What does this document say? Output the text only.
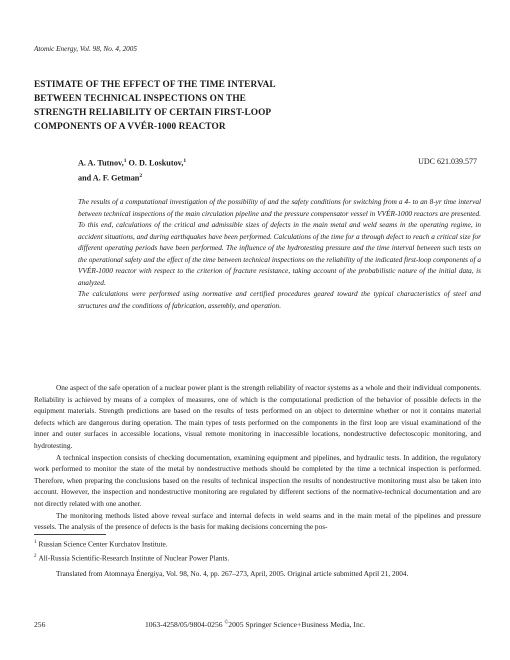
Atomic Energy, Vol. 98, No. 4, 2005
ESTIMATE OF THE EFFECT OF THE TIME INTERVAL
BETWEEN TECHNICAL INSPECTIONS ON THE
STRENGTH RELIABILITY OF CERTAIN FIRST-LOOP
COMPONENTS OF A VVÉR-1000 REACTOR
A. A. Tutnov,$^1$ O. D. Loskutov,$^1$
and A. F. Getman$^2$
UDC 621.039.577

The results of a computational investigation of the possibility of and the safety conditions for switching from a 4- to an 8-yr time interval between technical inspections of the main circulation pipeline and the pressure compensator vessel in VVÉR-1000 reactors are presented. To this end, calculations of the critical and admissible sizes of defects in the main metal and weld seams in the operating regime, in accident situations, and during earthquakes have been performed. Calculations of the time for a through defect to reach a critical size for different operating periods have been performed. The influence of the hydrotesting pressure and the time interval between such tests on the operational safety and the effect of the time between technical inspections on the reliability of the indicated first-loop components of a VVÉR-1000 reactor with respect to the criterion of fracture resistance, taking account of the probabilistic nature of the initial data, is analyzed.

The calculations were performed using normative and certified procedures geared toward the typical characteristics of steel and structures and the conditions of fabrication, assembly, and operation.

One aspect of the safe operation of a nuclear power plant is the strength reliability of reactor systems as a whole and their individual components. Reliability is achieved by means of a complex of measures, one of which is the computational prediction of the behavior of possible defects in the equipment materials. Strength predictions are based on the results of tests performed on an object to determine whether or not it contains material defects which are dangerous during operation. The main types of tests performed on the components in the first loop are visual examinationd of the inner and outer surfaces in accessible locations, visual remote monitoring in inaccessible locations, nondestructive defectoscopic monitoring, and hydrotesting.

A technical inspection consists of checking documentation, examining equipment and pipelines, and hydraulic tests. In addition, the regulatory work performed to monitor the state of the metal by nondestructive methods should be completed by the time a technical inspection is performed. Therefore, when preparing the conclusions based on the results of technical inspection the results of nondestructive monitoring must also be taken into account. However, the inspection and nondestructive monitoring are regulated by different sections of the normative-technical documentation and are not directly related with one another.

The monitoring methods listed above reveal surface and internal defects in weld seams and in the main metal of the pipelines and pressure vessels. The analysis of the presence of defects is the basis for making decisions concerning the pos-

$^1$ Russian Science Center Kurchatov Institute.
$^2$ All-Russia Scientific-Research Institute of Nuclear Power Plants.
Translated from Atomnaya Énergiya, Vol. 98, No. 4, pp. 267–273, April, 2005. Original article submitted April 21, 2004.
256	1063-4258/05/9804-0256 ©2005 Springer Science+Business Media, Inc.
